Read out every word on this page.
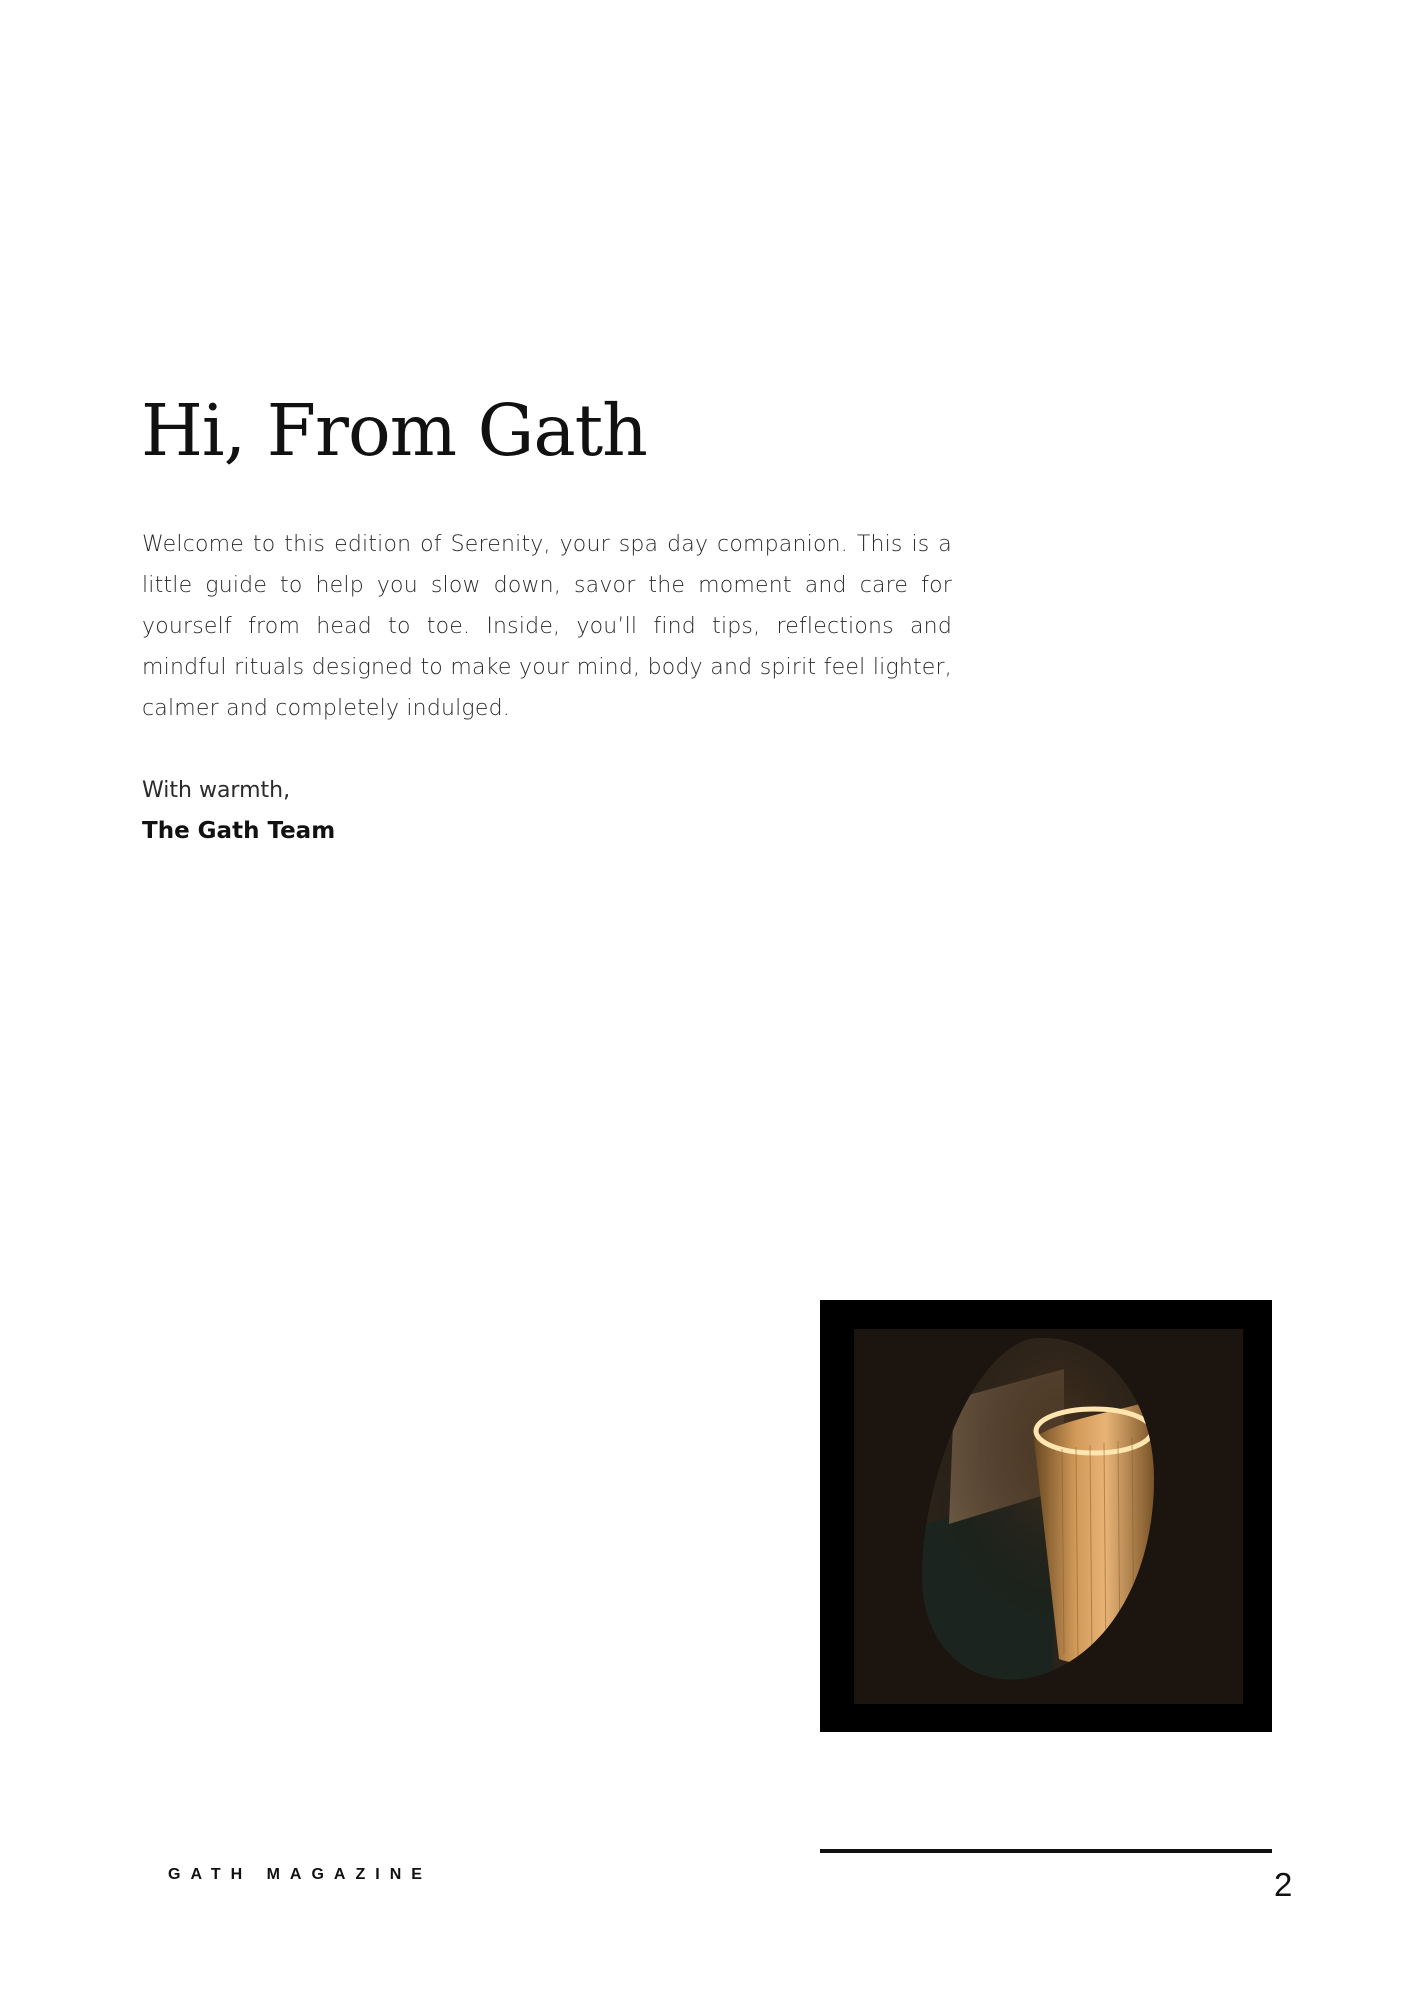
Hi, From Gath

Welcome to this edition of Serenity, your spa day companion. This is a little guide to help you slow down, savor the moment and care for yourself from head to toe. Inside, you’ll find tips, reflections and mindful rituals designed to make your mind, body and spirit feel lighter, calmer and completely indulged.

With warmth,

The Gath Team

GATH MAGAZINE	2
